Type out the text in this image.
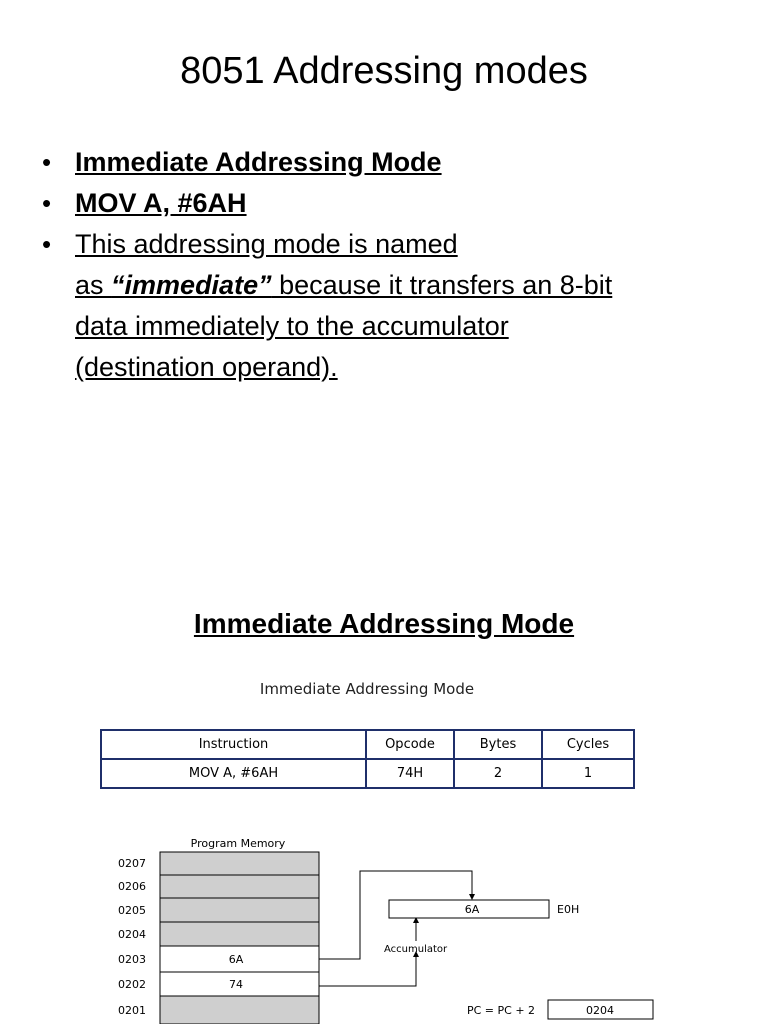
8051 Addressing modes
• Immediate Addressing Mode
• MOV A, #6AH
• This addressing mode is named
as “immediate” because it transfers an 8-bit
data immediately to the accumulator
(destination operand).
Immediate Addressing Mode
Immediate Addressing Mode
Instruction	Opcode	Bytes	Cycles
MOV A, #6AH	74H	2	1
Program Memory
6A
74
0207
0206
0205
0204
0203
0202
0201
6A	E0H
Accumulator
PC = PC + 2	0204
